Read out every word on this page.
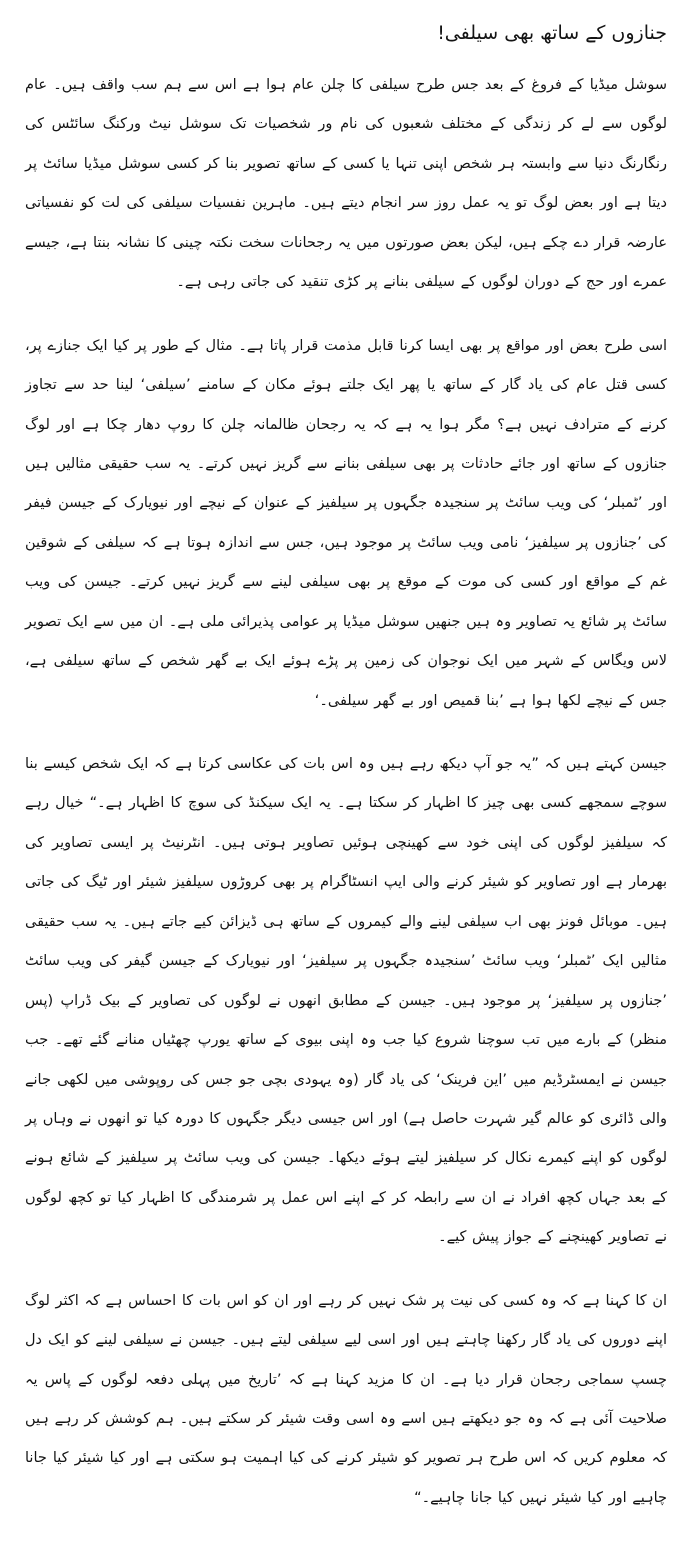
جنازوں کے ساتھ بھی سیلفی!

سوشل میڈیا کے فروغ کے بعد جس طرح سیلفی کا چلن عام ہوا ہے اس سے ہم سب واقف ہیں۔ عام لوگوں سے لے کر زندگی کے مختلف شعبوں کی نام ور شخصیات تک سوشل نیٹ ورکنگ سائٹس کی رنگارنگ دنیا سے وابستہ ہر شخص اپنی تنہا یا کسی کے ساتھ تصویر بنا کر کسی سوشل میڈیا سائٹ پر دیتا ہے اور بعض لوگ تو یہ عمل روز سر انجام دیتے ہیں۔ ماہرین نفسیات سیلفی کی لت کو نفسیاتی عارضہ قرار دے چکے ہیں، لیکن بعض صورتوں میں یہ رجحانات سخت نکتہ چینی کا نشانہ بنتا ہے، جیسے عمرے اور حج کے دوران لوگوں کے سیلفی بنانے پر کڑی تنقید کی جاتی رہی ہے۔

اسی طرح بعض اور مواقع پر بھی ایسا کرنا قابل مذمت قرار پاتا ہے۔ مثال کے طور پر کیا ایک جنازے پر، کسی قتل عام کی یاد گار کے ساتھ یا پھر ایک جلتے ہوئے مکان کے سامنے ’سیلفی‘ لینا حد سے تجاوز کرنے کے مترادف نہیں ہے؟ مگر ہوا یہ ہے کہ یہ رجحان ظالمانہ چلن کا روپ دھار چکا ہے اور لوگ جنازوں کے ساتھ اور جائے حادثات پر بھی سیلفی بنانے سے گریز نہیں کرتے۔ یہ سب حقیقی مثالیں ہیں اور ’ٹمبلر‘ کی ویب سائٹ پر سنجیدہ جگہوں پر سیلفیز کے عنوان کے نیچے اور نیویارک کے جیسن فیفر کی ’جنازوں پر سیلفیز‘ نامی ویب سائٹ پر موجود ہیں، جس سے اندازہ ہوتا ہے کہ سیلفی کے شوقین غم کے مواقع اور کسی کی موت کے موقع پر بھی سیلفی لینے سے گریز نہیں کرتے۔ جیسن کی ویب سائٹ پر شائع یہ تصاویر وہ ہیں جنھیں سوشل میڈیا پر عوامی پذیرائی ملی ہے۔ ان میں سے ایک تصویر لاس ویگاس کے شہر میں ایک نوجوان کی زمین پر پڑے ہوئے ایک بے گھر شخص کے ساتھ سیلفی ہے، جس کے نیچے لکھا ہوا ہے ’بنا قمیص اور بے گھر سیلفی۔‘

جیسن کہتے ہیں کہ ”یہ جو آپ دیکھ رہے ہیں وہ اس بات کی عکاسی کرتا ہے کہ ایک شخص کیسے بنا سوچے سمجھے کسی بھی چیز کا اظہار کر سکتا ہے۔ یہ ایک سیکنڈ کی سوچ کا اظہار ہے۔“ خیال رہے کہ سیلفیز لوگوں کی اپنی خود سے کھینچی ہوئیں تصاویر ہوتی ہیں۔ انٹرنیٹ پر ایسی تصاویر کی بھرمار ہے اور تصاویر کو شیئر کرنے والی ایپ انسٹاگرام پر بھی کروڑوں سیلفیز شیئر اور ٹیگ کی جاتی ہیں۔ موبائل فونز بھی اب سیلفی لینے والے کیمروں کے ساتھ ہی ڈیزائن کیے جاتے ہیں۔ یہ سب حقیقی مثالیں ایک ’ٹمبلر‘ ویب سائٹ ’سنجیدہ جگہوں پر سیلفیز‘ اور نیویارک کے جیسن گیفر کی ویب سائٹ ’جنازوں پر سیلفیز‘ پر موجود ہیں۔ جیسن کے مطابق انھوں نے لوگوں کی تصاویر کے بیک ڈراپ (پس منظر) کے بارے میں تب سوچنا شروع کیا جب وہ اپنی بیوی کے ساتھ یورپ چھٹیاں منانے گئے تھے۔ جب جیسن نے ایمسٹرڈیم میں ’این فرینک‘ کی یاد گار (وہ یہودی بچی جو جس کی روپوشی میں لکھی جانے والی ڈائری کو عالم گیر شہرت حاصل ہے) اور اس جیسی دیگر جگہوں کا دورہ کیا تو انھوں نے وہاں پر لوگوں کو اپنے کیمرے نکال کر سیلفیز لیتے ہوئے دیکھا۔ جیسن کی ویب سائٹ پر سیلفیز کے شائع ہونے کے بعد جہاں کچھ افراد نے ان سے رابطہ کر کے اپنے اس عمل پر شرمندگی کا اظہار کیا تو کچھ لوگوں نے تصاویر کھینچنے کے جواز پیش کیے۔

ان کا کہنا ہے کہ وہ کسی کی نیت پر شک نہیں کر رہے اور ان کو اس بات کا احساس ہے کہ اکثر لوگ اپنے دوروں کی یاد گار رکھنا چاہتے ہیں اور اسی لیے سیلفی لیتے ہیں۔ جیسن نے سیلفی لینے کو ایک دل چسپ سماجی رجحان قرار دیا ہے۔ ان کا مزید کہنا ہے کہ ’تاریخ میں پہلی دفعہ لوگوں کے پاس یہ صلاحیت آئی ہے کہ وہ جو دیکھتے ہیں اسے وہ اسی وقت شیئر کر سکتے ہیں۔ ہم کوشش کر رہے ہیں کہ معلوم کریں کہ اس طرح ہر تصویر کو شیئر کرنے کی کیا اہمیت ہو سکتی ہے اور کیا شیئر کیا جانا چاہیے اور کیا شیئر نہیں کیا جانا چاہیے۔“
